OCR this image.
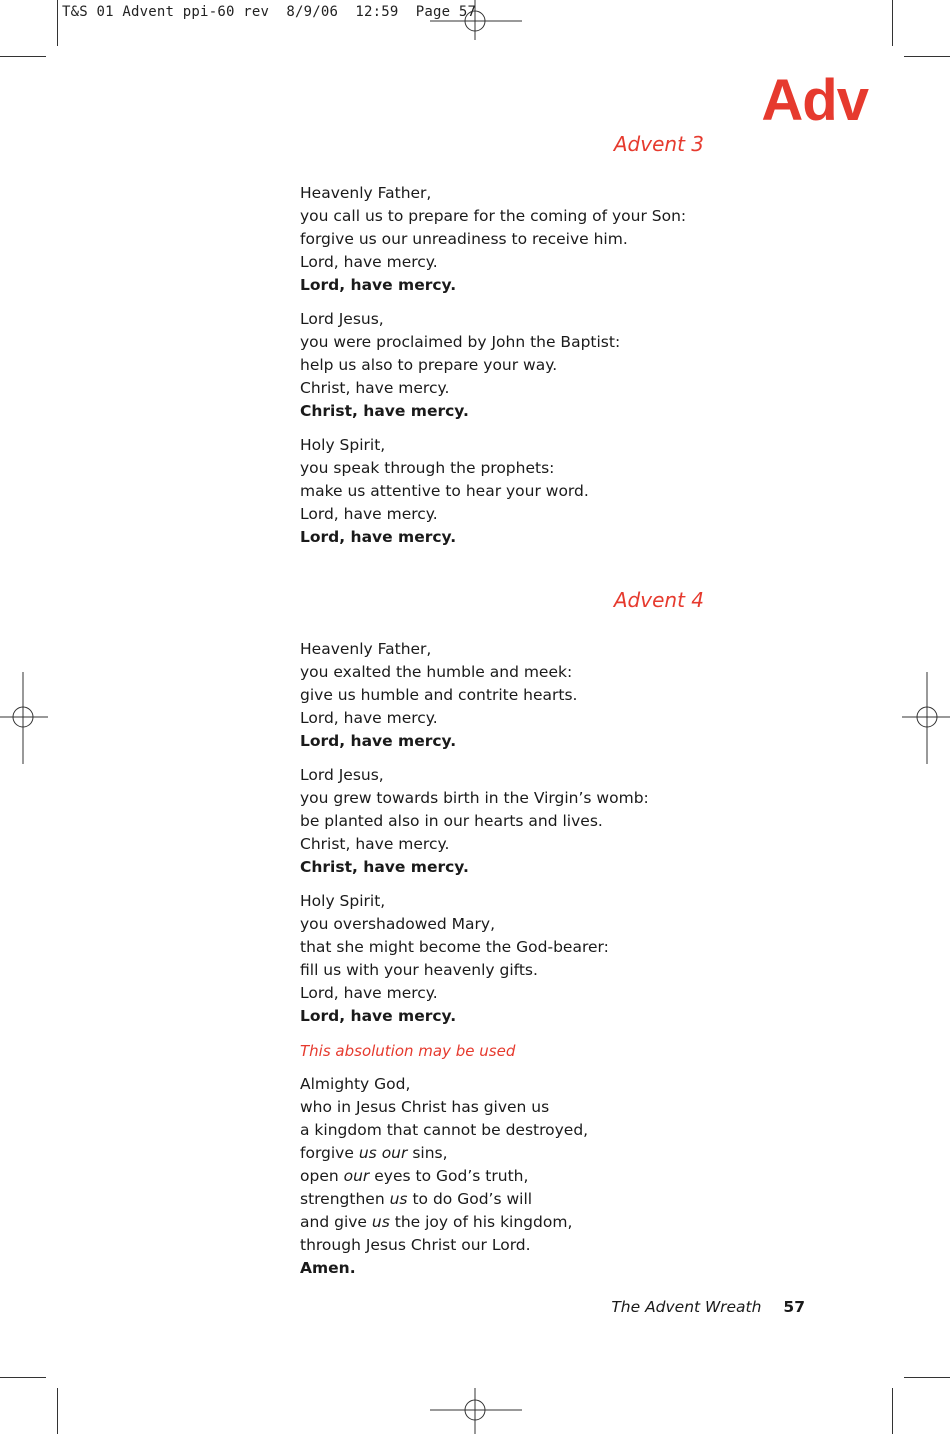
T&S 01 Advent ppi-60 rev  8/9/06  12:59  Page 57
Adv
Advent 3
Heavenly Father,
you call us to prepare for the coming of your Son:
forgive us our unreadiness to receive him.
Lord, have mercy.
Lord, have mercy.
Lord Jesus,
you were proclaimed by John the Baptist:
help us also to prepare your way.
Christ, have mercy.
Christ, have mercy.
Holy Spirit,
you speak through the prophets:
make us attentive to hear your word.
Lord, have mercy.
Lord, have mercy.
Advent 4
Heavenly Father,
you exalted the humble and meek:
give us humble and contrite hearts.
Lord, have mercy.
Lord, have mercy.
Lord Jesus,
you grew towards birth in the Virgin’s womb:
be planted also in our hearts and lives.
Christ, have mercy.
Christ, have mercy.
Holy Spirit,
you overshadowed Mary,
that she might become the God-bearer:
fill us with your heavenly gifts.
Lord, have mercy.
Lord, have mercy.
This absolution may be used
Almighty God,
who in Jesus Christ has given us
a kingdom that cannot be destroyed,
forgive us our sins,
open our eyes to God’s truth,
strengthen us to do God’s will
and give us the joy of his kingdom,
through Jesus Christ our Lord.
Amen.
The Advent Wreath 57
